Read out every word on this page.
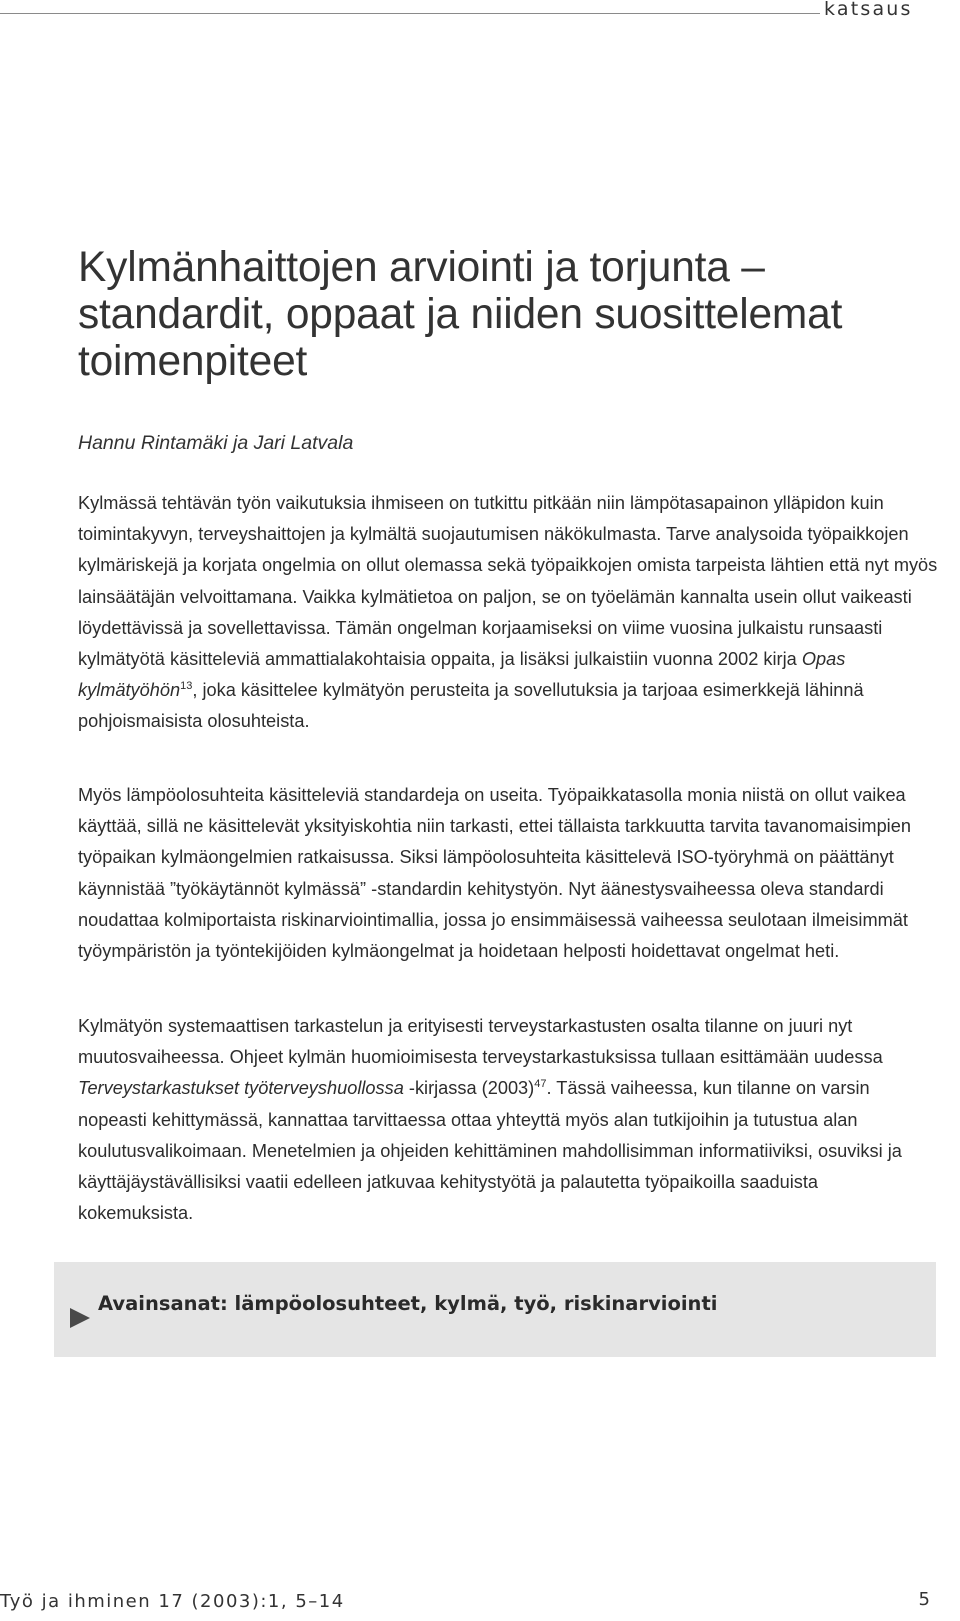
katsaus
Kylmänhaittojen arviointi ja torjunta – standardit, oppaat ja niiden suosittelemat toimenpiteet
Hannu Rintamäki ja Jari Latvala

Kylmässä tehtävän työn vaikutuksia ihmiseen on tutkittu pitkään niin lämpötasapainon ylläpidon kuin toimintakyvyn, terveyshaittojen ja kylmältä suojautumisen näkökulmasta. Tarve analysoida työpaikkojen kylmäriskejä ja korjata ongelmia on ollut olemassa sekä työpaikkojen omista tarpeista lähtien että nyt myös lainsäätäjän velvoittamana. Vaikka kylmätietoa on paljon, se on työelämän kannalta usein ollut vaikeasti löydettävissä ja sovellettavissa. Tämän ongelman korjaamiseksi on viime vuosina julkaistu runsaasti kylmätyötä käsitteleviä ammattialakohtaisia oppaita, ja lisäksi julkaistiin vuonna 2002 kirja Opas kylmätyöhön$^{13}$, joka käsittelee kylmätyön perusteita ja sovellutuksia ja tarjoaa esimerkkejä lähinnä pohjoismaisista olosuhteista.

Myös lämpöolosuhteita käsitteleviä standardeja on useita. Työpaikkatasolla monia niistä on ollut vaikea käyttää, sillä ne käsittelevät yksityiskohtia niin tarkasti, ettei tällaista tarkkuutta tarvita tavanomaisimpien työpaikan kylmäongelmien ratkaisussa. Siksi lämpöolosuhteita käsittelevä ISO-työryhmä on päättänyt käynnistää ”työkäytännöt kylmässä” -standardin kehitystyön. Nyt äänestysvaiheessa oleva standardi noudattaa kolmiportaista riskinarviointimallia, jossa jo ensimmäisessä vaiheessa seulotaan ilmeisimmät työympäristön ja työntekijöiden kylmäongelmat ja hoidetaan helposti hoidettavat ongelmat heti.

Kylmätyön systemaattisen tarkastelun ja erityisesti terveystarkastusten osalta tilanne on juuri nyt muutosvaiheessa. Ohjeet kylmän huomioimisesta terveystarkastuksissa tullaan esittämään uudessa Terveystarkastukset työterveyshuollossa -kirjassa $(2003)^{47}$. Tässä vaiheessa, kun tilanne on varsin nopeasti kehittymässä, kannattaa tarvittaessa ottaa yhteyttä myös alan tutkijoihin ja tutustua alan koulutusvalikoimaan. Menetelmien ja ohjeiden kehittäminen mahdollisimman informatiiviksi, osuviksi ja käyttäjäystävällisiksi vaatii edelleen jatkuvaa kehitystyötä ja palautetta työpaikoilla saaduista kokemuksista.

Avainsanat: lämpöolosuhteet, kylmä, työ, riskinarviointi
Työ ja ihminen 17 (2003):1, 5–14	5
